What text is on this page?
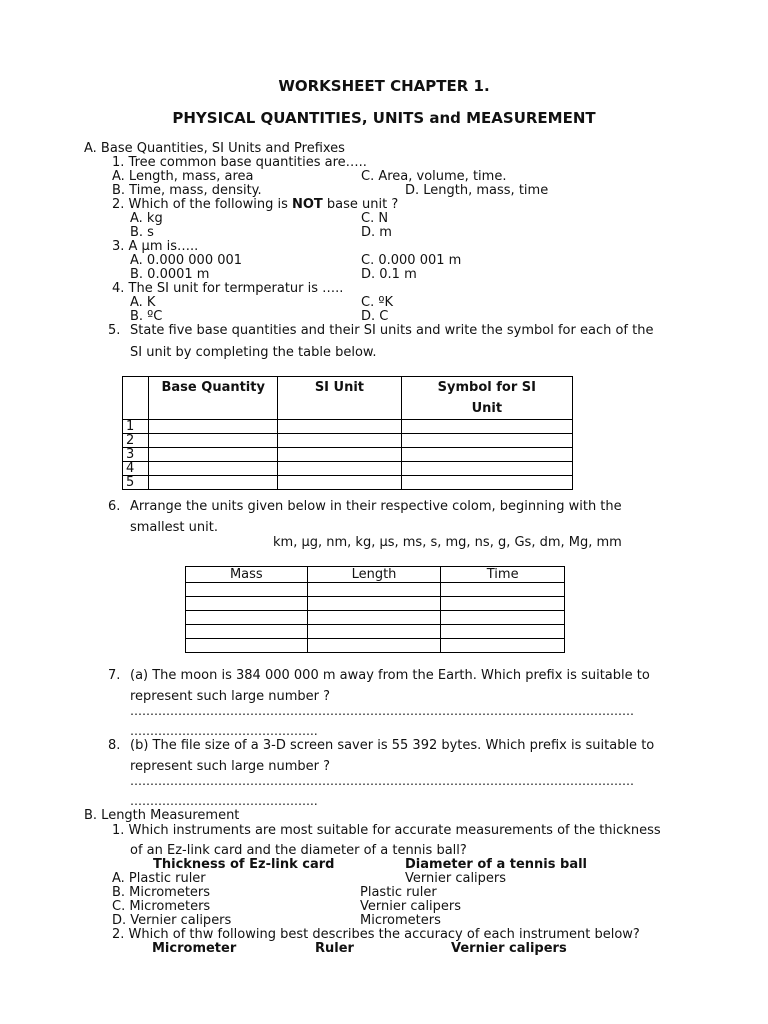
WORKSHEET CHAPTER 1.
PHYSICAL QUANTITIES, UNITS and MEASUREMENT
A. Base Quantities, SI Units and Prefixes
1. Tree common base quantities are…..
A. Length, mass, area	C. Area, volume, time.
B. Time, mass, density.	D. Length, mass, time
2. Which of the following is NOT base unit ?
A. kg	C. N
B. s	D. m
3. A µm is…..
A. 0.000 000 001	C. 0.000 001 m
B. 0.0001 m	D. 0.1 m
4. The SI unit for termperatur is …..
A. K	C. ºK
B. ºC	D. C
5. State five base quantities and their SI units and write the symbol for each of the
SI unit by completing the table below.
	Base Quantity	SI Unit	Symbol for SI Unit
1			
2			
3			
4			
5			
6. Arrange the units given below in their respective colom, beginning with the
smallest unit.
km, µg, nm, kg, µs, ms, s, mg, ns, g, Gs, dm, Mg, mm
Mass	Length	Time

7. (a) The moon is 384 000 000 m away from the Earth. Which prefix is suitable to
represent such large number ?
………………………………………………………………………………………………………………
………………………………………..
8. (b) The file size of a 3-D screen saver is 55 392 bytes. Which prefix is suitable to
represent such large number ?
………………………………………………………………………………………………………………
………………………………………..
B. Length Measurement
1. Which instruments are most suitable for accurate measurements of the thickness
of an Ez-link card and the diameter of a tennis ball?
Thickness of Ez-link card	Diameter of a tennis ball
A. Plastic ruler	Vernier calipers
B. Micrometers	Plastic ruler
C. Micrometers	Vernier calipers
D. Vernier calipers	Micrometers
2. Which of thw following best describes the accuracy of each instrument below?
Micrometer	Ruler	Vernier calipers
